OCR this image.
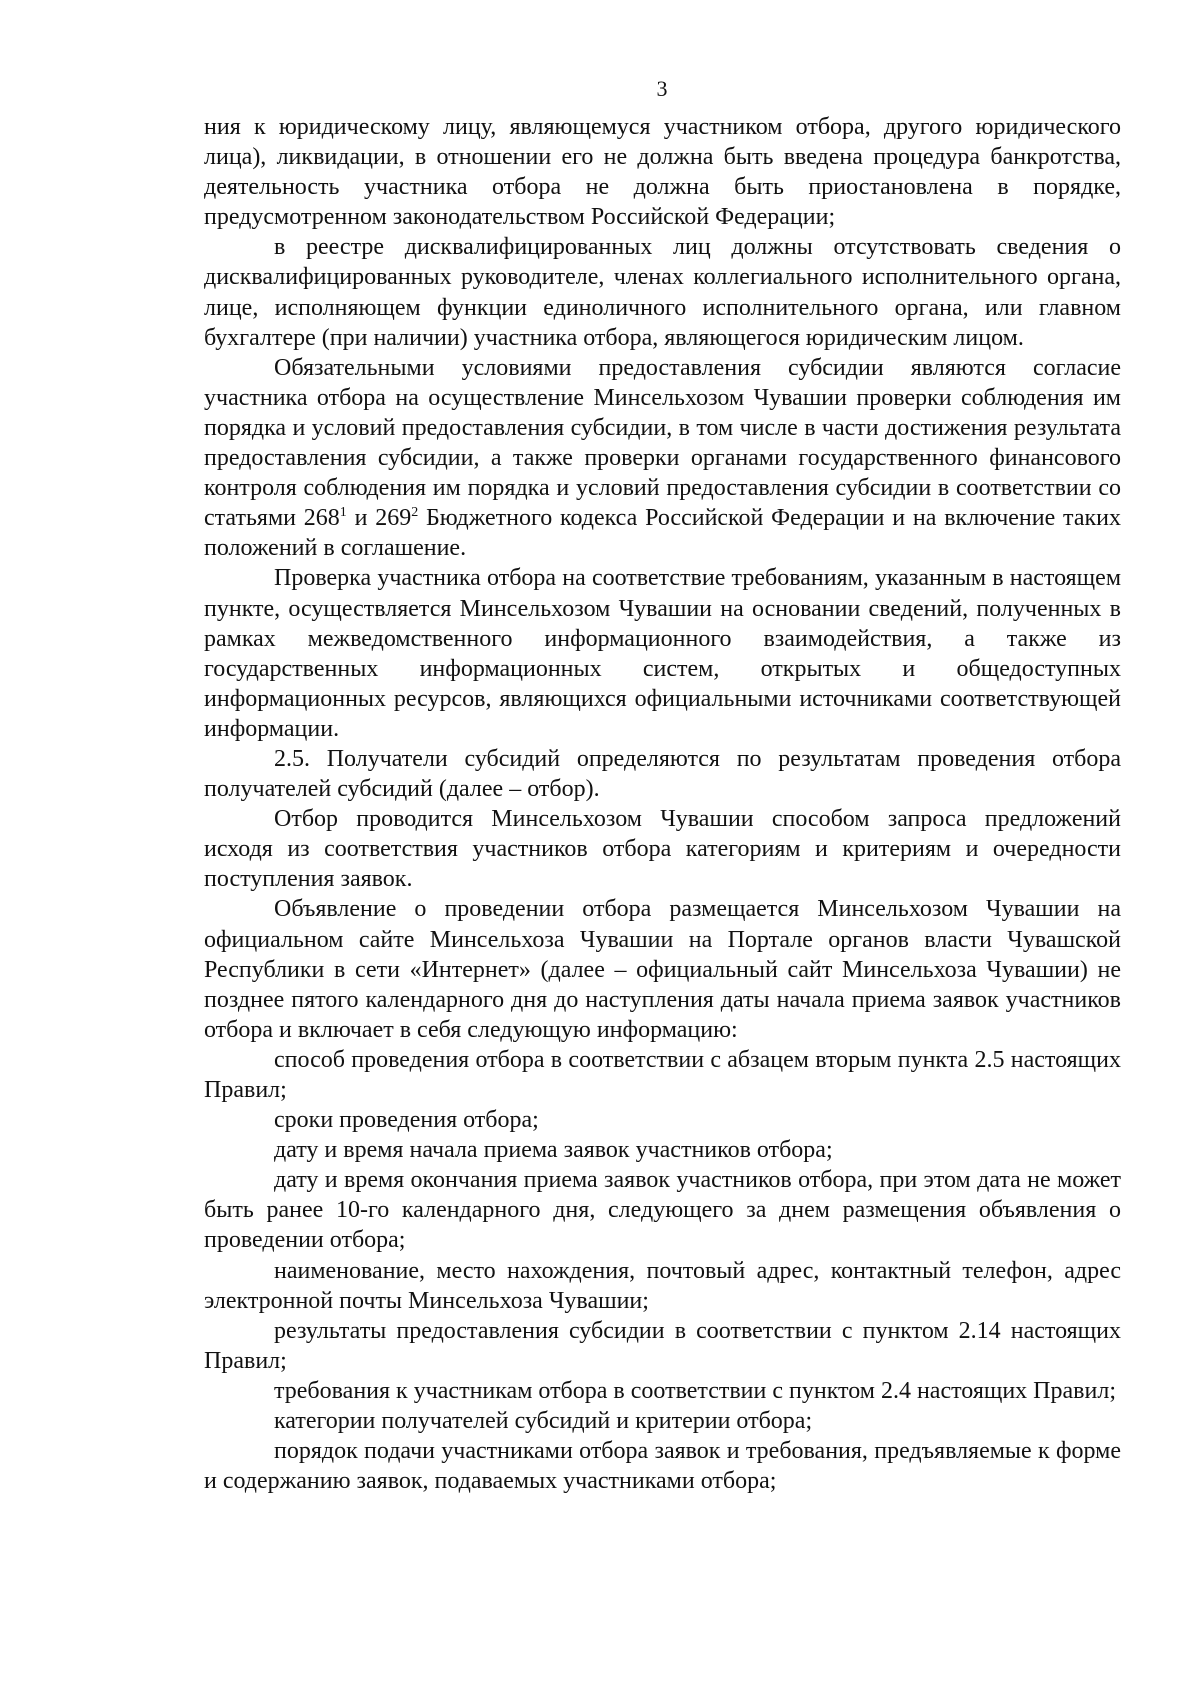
3

ния к юридическому лицу, являющемуся участником отбора, другого юридического лица), ликвидации, в отношении его не должна быть введена процедура банкротства, деятельность участника отбора не должна быть приостановлена в порядке, предусмотренном законодательством Российской Федерации;

в реестре дисквалифицированных лиц должны отсутствовать сведения о дисквалифицированных руководителе, членах коллегиального исполнительного органа, лице, исполняющем функции единоличного исполнительного органа, или главном бухгалтере (при наличии) участника отбора, являющегося юридическим лицом.

Обязательными условиями предоставления субсидии являются согласие участника отбора на осуществление Минсельхозом Чувашии проверки соблюдения им порядка и условий предоставления субсидии, в том числе в части достижения результата предоставления субсидии, а также проверки органами государственного финансового контроля соблюдения им порядка и условий предоставления субсидии в соответствии со статьями $268^1$ и $269^2$ Бюджетного кодекса Российской Федерации и на включение таких положений в соглашение.

Проверка участника отбора на соответствие требованиям, указанным в настоящем пункте, осуществляется Минсельхозом Чувашии на основании сведений, полученных в рамках межведомственного информационного взаимодействия, а также из государственных информационных систем, открытых и общедоступных информационных ресурсов, являющихся официальными источниками соответствующей информации.

2.5. Получатели субсидий определяются по результатам проведения отбора получателей субсидий (далее – отбор).

Отбор проводится Минсельхозом Чувашии способом запроса предложений исходя из соответствия участников отбора категориям и критериям и очередности поступления заявок.

Объявление о проведении отбора размещается Минсельхозом Чувашии на официальном сайте Минсельхоза Чувашии на Портале органов власти Чувашской Республики в сети «Интернет» (далее – официальный сайт Минсельхоза Чувашии) не позднее пятого календарного дня до наступления даты начала приема заявок участников отбора и включает в себя следующую информацию:

способ проведения отбора в соответствии с абзацем вторым пункта 2.5 настоящих Правил;

сроки проведения отбора;

дату и время начала приема заявок участников отбора;

дату и время окончания приема заявок участников отбора, при этом дата не может быть ранее 10-го календарного дня, следующего за днем размещения объявления о проведении отбора;

наименование, место нахождения, почтовый адрес, контактный телефон, адрес электронной почты Минсельхоза Чувашии;

результаты предоставления субсидии в соответствии с пунктом 2.14 настоящих Правил;

требования к участникам отбора в соответствии с пунктом 2.4 настоящих Правил;

категории получателей субсидий и критерии отбора;

порядок подачи участниками отбора заявок и требования, предъявляемые к форме и содержанию заявок, подаваемых участниками отбора;
